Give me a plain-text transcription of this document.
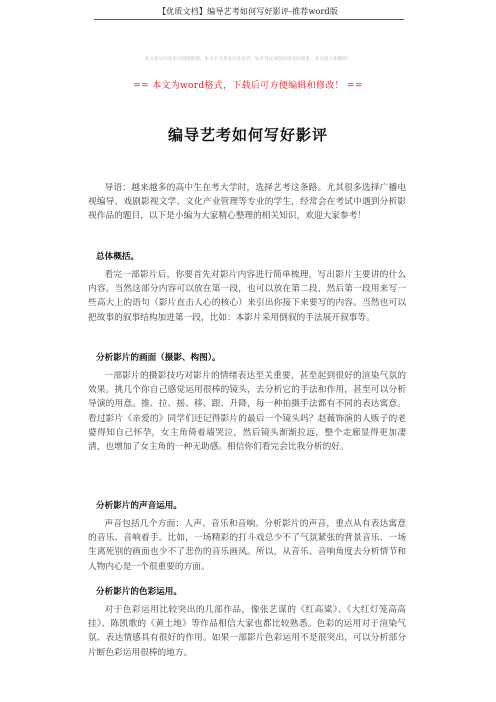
【优质文档】编导艺考如何写好影评-推荐word版
本文部分内容来自网络整理，本司不为其真实性负责，如有异议或侵权请及时联系，本司将立即删除！
== 本文为word格式，下载后可方便编辑和修改！ ==
编导艺考如何写好影评

导语：越来越多的高中生在考大学时，选择艺考这条路。尤其很多选择广播电视编导、戏剧影视文学、文化产业管理等专业的学生，经常会在考试中遇到分析影视作品的题目，以下是小编为大家精心整理的相关知识，欢迎大家参考！

总体概括。

看完一部影片后，你要首先对影片内容进行简单梳理，写出影片主要讲的什么内容。当然这部分内容可以放在第一段，也可以放在第二段，然后第一段用来写一些高大上的语句（影片直击人心的核心）来引出你接下来要写的内容。当然也可以把故事的叙事结构加进第一段，比如：本影片采用倒叙的手法展开叙事等。

分析影片的画面（摄影、构图）。

一部影片的摄影技巧对影片的情绪表达至关重要，甚至起到很好的渲染气氛的效果。挑几个你自己感觉运用很棒的镜头，去分析它的手法和作用，甚至可以分析导演的用意。推、拉、摇、移、跟、升降，每一种拍摄手法都有不同的表达寓意。看过影片《亲爱的》同学们还记得影片的最后一个镜头吗？赵薇饰演的人贩子的老婆得知自己怀孕，女主角倚着墙哭泣，然后镜头渐渐拉远，整个走廊显得更加凄清，也增加了女主角的一种无助感。相信你们看完会比我分析的好。

分析影片的声音运用。

声音包括几个方面：人声、音乐和音响。分析影片的声音，重点从有表达寓意的音乐、音响着手。比如，一场精彩的打斗戏总少不了气氛紧张的背景音乐、一场生离死别的画面也少不了悲伤的音乐画风。所以，从音乐、音响角度去分析情节和人物内心是一个很重要的方面。

分析影片的色彩运用。

对于色彩运用比较突出的几部作品，像张艺谋的《红高粱》、《大红灯笼高高挂》、陈凯歌的《黄土地》等作品相信大家也都比较熟悉。色彩的运用对于渲染气氛、表达情感具有很好的作用。如果一部影片色彩运用不是很突出，可以分析部分片断色彩运用很棒的地方。
